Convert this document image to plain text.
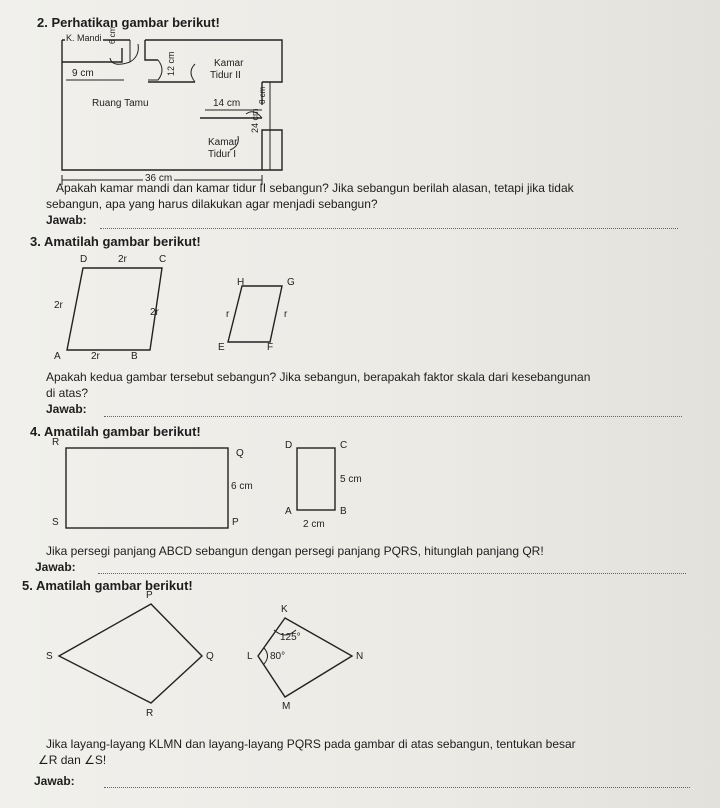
2. Perhatikan gambar berikut!
K. Mandi 6 cm
12 cm	Kamar
Tidur II
9 cm
Ruang Tamu	14 cm 8 cm
24 cm
Kamar
Tidur I
36 cm
Apakah kamar mandi dan kamar tidur II sebangun? Jika sebangun berilah alasan, tetapi jika tidak
sebangun, apa yang harus dilakukan agar menjadi sebangun?
Jawab:
3. Amatilah gambar berikut!
D	2r	C
2r
2r
A	2r	B
H	G
r	r
E	F
Apakah kedua gambar tersebut sebangun? Jika sebangun, berapakah faktor skala dari kesebangunan
di atas?
Jawab:
4. Amatilah gambar berikut!
R
Q
6 cm
S	P
D	C
5 cm
A	B
2 cm
Jika persegi panjang ABCD sebangun dengan persegi panjang PQRS, hitunglah panjang QR!
Jawab:
5. Amatilah gambar berikut!
P
S	Q
R
K
125°
L 80°	N
M
Jika layang-layang KLMN dan layang-layang PQRS pada gambar di atas sebangun, tentukan besar
∠R dan ∠S!
Jawab:
